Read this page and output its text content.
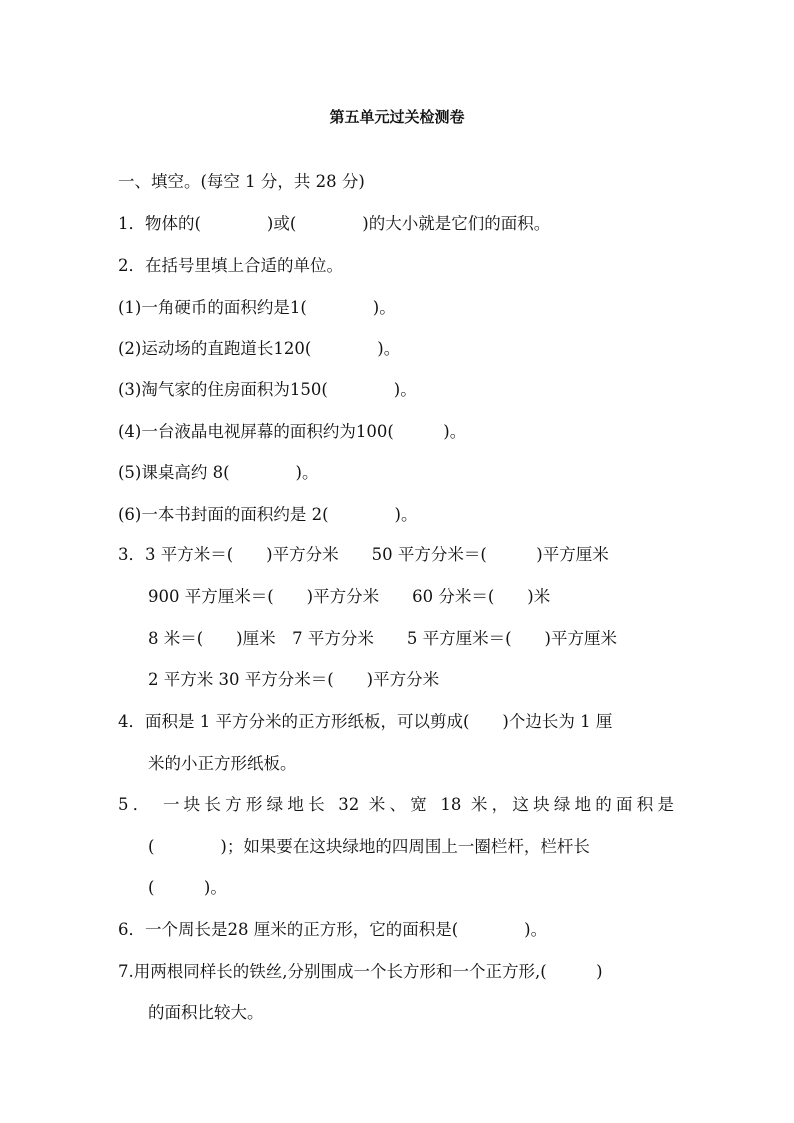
第五单元过关检测卷
一、填空。(每空 1 分，共 28 分)
1．物体的(　　　　)或(　　　　)的大小就是它们的面积。
2．在括号里填上合适的单位。
(1)一角硬币的面积约是1(　　　　)。
(2)运动场的直跑道长120(　　　　)。
(3)淘气家的住房面积为150(　　　　)。
(4)一台液晶电视屏幕的面积约为100(　　　)。
(5)课桌高约 8(　　　　)。
(6)一本书封面的面积约是 2(　　　　)。
3．3 平方米＝(　　)平方分米　　50 平方分米＝(　　　)平方厘米
900 平方厘米＝(　　)平方分米　　60 分米＝(　　)米
8 米＝(　　)厘米　7 平方分米　　5 平方厘米＝(　　)平方厘米
2 平方米 30 平方分米＝(　　)平方分米
4．面积是 1 平方分米的正方形纸板，可以剪成(　　)个边长为 1 厘
米的小正方形纸板。
5． 一块长方形绿地长 32 米、宽 18 米，这块绿地的面积是
(　　　　)；如果要在这块绿地的四周围上一圈栏杆，栏杆长
(　　　)。
6．一个周长是28 厘米的正方形，它的面积是(　　　　)。
7.用两根同样长的铁丝,分别围成一个长方形和一个正方形,(　　　)
的面积比较大。
